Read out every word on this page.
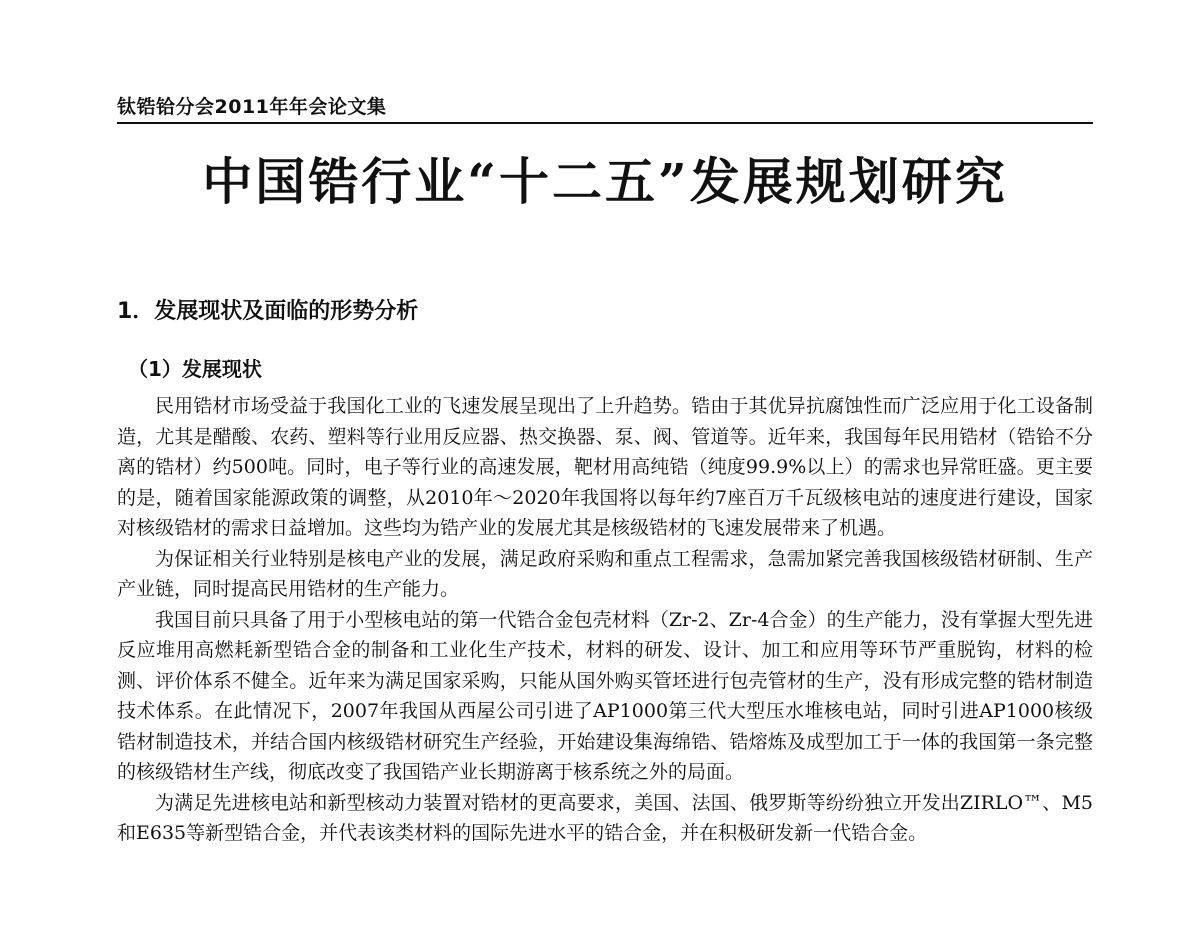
钛锆铪分会2011年年会论文集
中国锆行业“十二五”发展规划研究
1．发展现状及面临的形势分析
（1）发展现状

民用锆材市场受益于我国化工业的飞速发展呈现出了上升趋势。锆由于其优异抗腐蚀性而广泛应用于化工设备制造，尤其是醋酸、农药、塑料等行业用反应器、热交换器、泵、阀、管道等。近年来，我国每年民用锆材（锆铪不分离的锆材）约500吨。同时，电子等行业的高速发展，靶材用高纯锆（纯度99.9%以上）的需求也异常旺盛。更主要的是，随着国家能源政策的调整，从2010年～2020年我国将以每年约7座百万千瓦级核电站的速度进行建设，国家对核级锆材的需求日益增加。这些均为锆产业的发展尤其是核级锆材的飞速发展带来了机遇。

为保证相关行业特别是核电产业的发展，满足政府采购和重点工程需求，急需加紧完善我国核级锆材研制、生产产业链，同时提高民用锆材的生产能力。

我国目前只具备了用于小型核电站的第一代锆合金包壳材料（Zr-2、Zr-4合金）的生产能力，没有掌握大型先进反应堆用高燃耗新型锆合金的制备和工业化生产技术，材料的研发、设计、加工和应用等环节严重脱钩，材料的检测、评价体系不健全。近年来为满足国家采购，只能从国外购买管坯进行包壳管材的生产，没有形成完整的锆材制造技术体系。在此情况下，2007年我国从西屋公司引进了AP1000第三代大型压水堆核电站，同时引进AP1000核级锆材制造技术，并结合国内核级锆材研究生产经验，开始建设集海绵锆、锆熔炼及成型加工于一体的我国第一条完整的核级锆材生产线，彻底改变了我国锆产业长期游离于核系统之外的局面。

为满足先进核电站和新型核动力装置对锆材的更高要求，美国、法国、俄罗斯等纷纷独立开发出ZIRLO™、M5和E635等新型锆合金，并代表该类材料的国际先进水平的锆合金，并在积极研发新一代锆合金。
